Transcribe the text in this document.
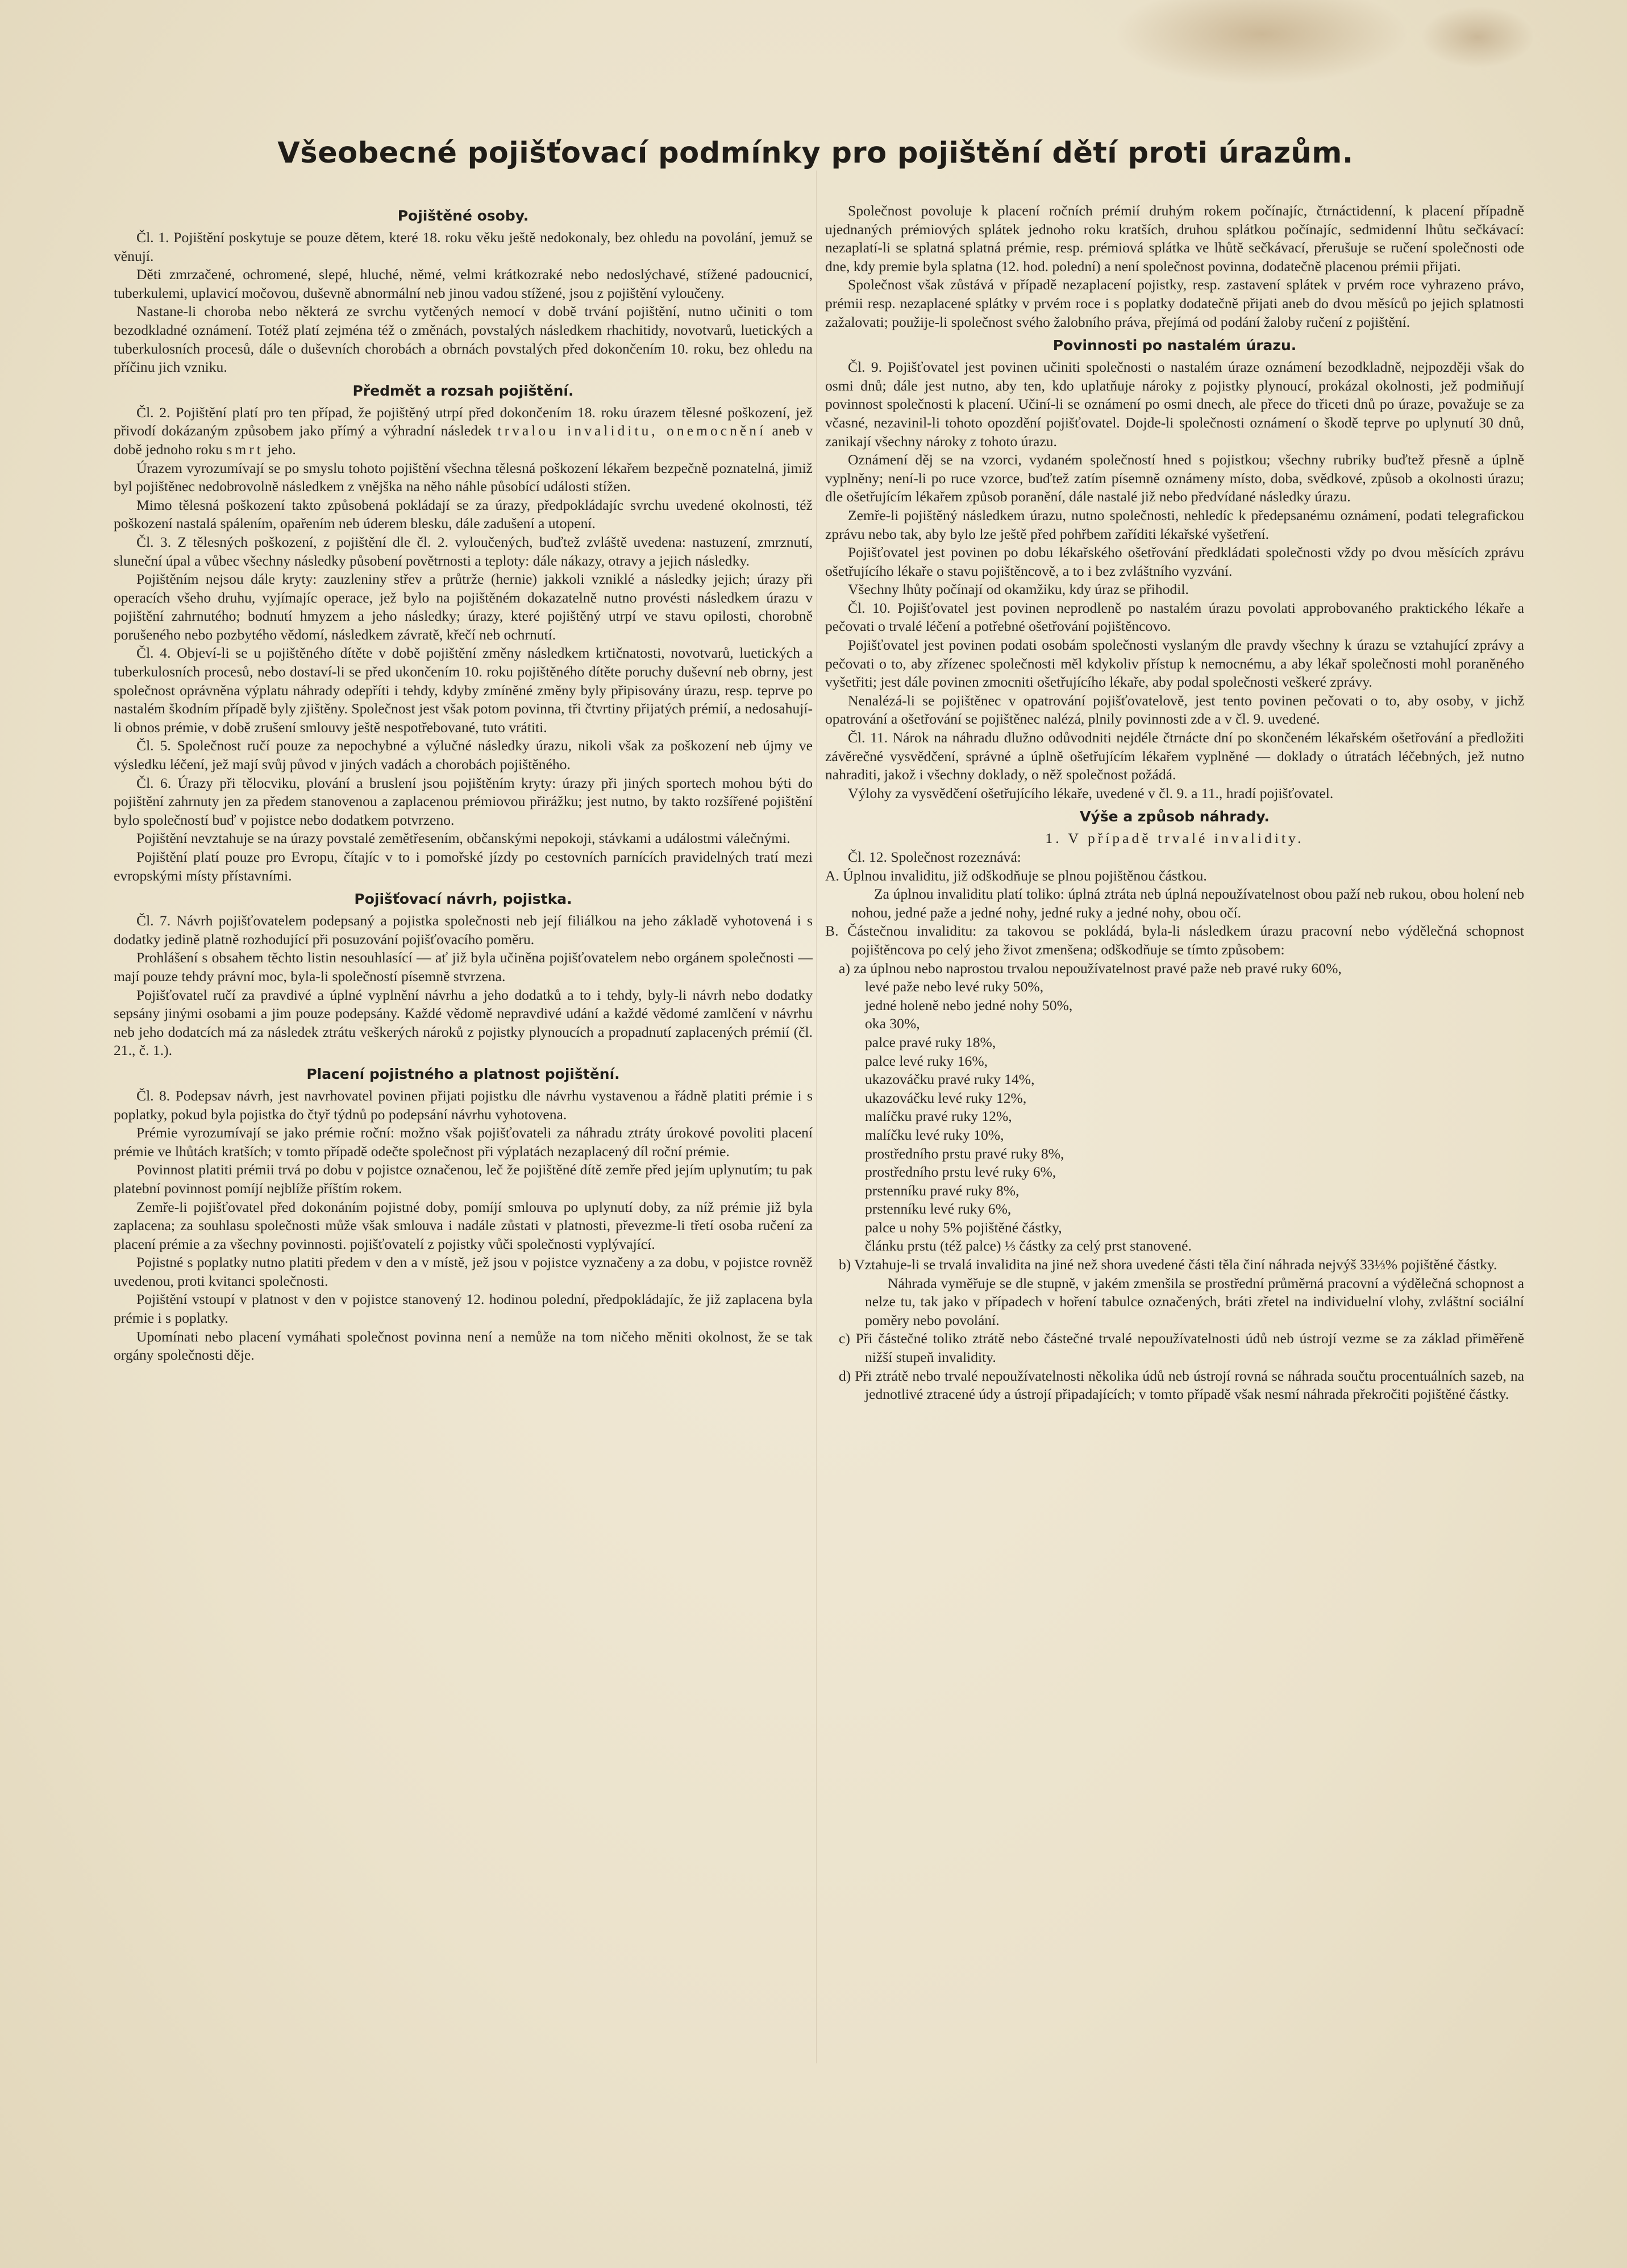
Všeobecné pojišťovací podmínky pro pojištění dětí proti úrazům.
Pojištěné osoby.

Čl. 1. Pojištění poskytuje se pouze dětem, které 18. roku věku ještě nedokonaly, bez ohledu na povolání, jemuž se věnují.

Děti zmrzačené, ochromené, slepé, hluché, němé, velmi krátkozraké nebo nedoslýchavé, stížené padoucnicí, tuberkulemi, uplavicí močovou, duševně abnormální neb jinou vadou stížené, jsou z pojištění vyloučeny.

Nastane-li choroba nebo některá ze svrchu vytčených nemocí v době trvání pojištění, nutno učiniti o tom bezodkladné oznámení. Totéž platí zejména též o změnách, povstalých následkem rhachitidy, novotvarů, luetických a tuberkulosních procesů, dále o duševních chorobách a obrnách povstalých před dokončením 10. roku, bez ohledu na příčinu jich vzniku.

Předmět a rozsah pojištění.

Čl. 2. Pojištění platí pro ten případ, že pojištěný utrpí před dokončením 18. roku úrazem tělesné poškození, jež přivodí dokázaným způsobem jako přímý a výhradní následek trvalou invaliditu, onemocnění aneb v době jednoho roku smrt jeho.

Úrazem vyrozumívají se po smyslu tohoto pojištění všechna tělesná poškození lékařem bezpečně poznatelná, jimiž byl pojištěnec nedobrovolně následkem z vnějška na něho náhle působící události stížen.

Mimo tělesná poškození takto způsobená pokládají se za úrazy, předpokládajíc svrchu uvedené okolnosti, též poškození nastalá spálením, opařením neb úderem blesku, dále zadušení a utopení.

Čl. 3. Z tělesných poškození, z pojištění dle čl. 2. vyloučených, buďtež zvláště uvedena: nastuzení, zmrznutí, sluneční úpal a vůbec všechny následky působení povětrnosti a teploty: dále nákazy, otravy a jejich následky.

Pojištěním nejsou dále kryty: zauzleniny střev a průtrže (hernie) jakkoli vzniklé a následky jejich; úrazy při operacích všeho druhu, vyjímajíc operace, jež bylo na pojištěném dokazatelně nutno provésti následkem úrazu v pojištění zahrnutého; bodnutí hmyzem a jeho následky; úrazy, které pojištěný utrpí ve stavu opilosti, chorobně porušeného nebo pozbytého vědomí, následkem závratě, křečí neb ochrnutí.

Čl. 4. Objeví-li se u pojištěného dítěte v době pojištění změny následkem krtičnatosti, novotvarů, luetických a tuberkulosních procesů, nebo dostaví-li se před ukončením 10. roku pojištěného dítěte poruchy duševní neb obrny, jest společnost oprávněna výplatu náhrady odepříti i tehdy, kdyby zmíněné změny byly připisovány úrazu, resp. teprve po nastalém škodním případě byly zjištěny. Společnost jest však potom povinna, tři čtvrtiny přijatých prémií, a nedosahují-li obnos prémie, v době zrušení smlouvy ještě nespotřebované, tuto vrátiti.

Čl. 5. Společnost ručí pouze za nepochybné a výlučné následky úrazu, nikoli však za poškození neb újmy ve výsledku léčení, jež mají svůj původ v jiných vadách a chorobách pojištěného.

Čl. 6. Úrazy při tělocviku, plování a bruslení jsou pojištěním kryty: úrazy při jiných sportech mohou býti do pojištění zahrnuty jen za předem stanovenou a zaplacenou prémiovou přirážku; jest nutno, by takto rozšířené pojištění bylo společností buď v pojistce nebo dodatkem potvrzeno.

Pojištění nevztahuje se na úrazy povstalé zemětřesením, občanskými nepokoji, stávkami a událostmi válečnými.

Pojištění platí pouze pro Evropu, čítajíc v to i pomořské jízdy po cestovních parnících pravidelných tratí mezi evropskými místy přístavními.

Pojišťovací návrh, pojistka.

Čl. 7. Návrh pojišťovatelem podepsaný a pojistka společnosti neb její filiálkou na jeho základě vyhotovená i s dodatky jedině platně rozhodující při posuzování pojišťovacího poměru.

Prohlášení s obsahem těchto listin nesouhlasící — ať již byla učiněna pojišťovatelem nebo orgánem společnosti — mají pouze tehdy právní moc, byla-li společností písemně stvrzena.

Pojišťovatel ručí za pravdivé a úplné vyplnění návrhu a jeho dodatků a to i tehdy, byly-li návrh nebo dodatky sepsány jinými osobami a jim pouze podepsány. Každé vědomě nepravdivé udání a každé vědomé zamlčení v návrhu neb jeho dodatcích má za následek ztrátu veškerých nároků z pojistky plynoucích a propadnutí zaplacených prémií (čl. 21., č. 1.).

Placení pojistného a platnost pojištění.

Čl. 8. Podepsav návrh, jest navrhovatel povinen přijati pojistku dle návrhu vystavenou a řádně platiti prémie i s poplatky, pokud byla pojistka do čtyř týdnů po podepsání návrhu vyhotovena.

Prémie vyrozumívají se jako prémie roční: možno však pojišťovateli za náhradu ztráty úrokové povoliti placení prémie ve lhůtách kratších; v tomto případě odečte společnost při výplatách nezaplacený díl roční prémie.

Povinnost platiti prémii trvá po dobu v pojistce označenou, leč že pojištěné dítě zemře před jejím uplynutím; tu pak platební povinnost pomíjí nejblíže příštím rokem.

Zemře-li pojišťovatel před dokonáním pojistné doby, pomíjí smlouva po uplynutí doby, za níž prémie již byla zaplacena; za souhlasu společnosti může však smlouva i nadále zůstati v platnosti, převezme-li třetí osoba ručení za placení prémie a za všechny povinnosti. pojišťovatelí z pojistky vůči společnosti vyplývající.

Pojistné s poplatky nutno platiti předem v den a v místě, jež jsou v pojistce vyznačeny a za dobu, v pojistce rovněž uvedenou, proti kvitanci společnosti.

Pojištění vstoupí v platnost v den v pojistce stanovený 12. hodinou polední, předpokládajíc, že již zaplacena byla prémie i s poplatky.

Upomínati nebo placení vymáhati společnost povinna není a nemůže na tom ničeho měniti okolnost, že se tak orgány společnosti děje.

Společnost povoluje k placení ročních prémií druhým rokem počínajíc, čtrnáctidenní, k placení případně ujednaných prémiových splátek jednoho roku kratších, druhou splátkou počínajíc, sedmidenní lhůtu sečkávací: nezaplatí-li se splatná splatná prémie, resp. prémiová splátka ve lhůtě sečkávací, přerušuje se ručení společnosti ode dne, kdy premie byla splatna (12. hod. polední) a není společnost povinna, dodatečně placenou prémii přijati.

Společnost však zůstává v případě nezaplacení pojistky, resp. zastavení splátek v prvém roce vyhrazeno právo, prémii resp. nezaplacené splátky v prvém roce i s poplatky dodatečně přijati aneb do dvou měsíců po jejich splatnosti zažalovati; použije-li společnost svého žalobního práva, přejímá od podání žaloby ručení z pojištění.

Povinnosti po nastalém úrazu.

Čl. 9. Pojišťovatel jest povinen učiniti společnosti o nastalém úraze oznámení bezodkladně, nejpozději však do osmi dnů; dále jest nutno, aby ten, kdo uplatňuje nároky z pojistky plynoucí, prokázal okolnosti, jež podmiňují povinnost společnosti k placení. Učiní-li se oznámení po osmi dnech, ale přece do třiceti dnů po úraze, považuje se za včasné, nezavinil-li tohoto opozdění pojišťovatel. Dojde-li společnosti oznámení o škodě teprve po uplynutí 30 dnů, zanikají všechny nároky z tohoto úrazu.

Oznámení děj se na vzorci, vydaném společností hned s pojistkou; všechny rubriky buďtež přesně a úplně vyplněny; není-li po ruce vzorce, buďtež zatím písemně oznámeny místo, doba, svědkové, způsob a okolnosti úrazu; dle ošetřujícím lékařem způsob poranění, dále nastalé již nebo předvídané následky úrazu.

Zemře-li pojištěný následkem úrazu, nutno společnosti, nehledíc k předepsanému oznámení, podati telegrafickou zprávu nebo tak, aby bylo lze ještě před pohřbem zaříditi lékařské vyšetření.

Pojišťovatel jest povinen po dobu lékařského ošetřování předkládati společnosti vždy po dvou měsících zprávu ošetřujícího lékaře o stavu pojištěncově, a to i bez zvláštního vyzvání.

Všechny lhůty počínají od okamžiku, kdy úraz se přihodil.

Čl. 10. Pojišťovatel jest povinen neprodleně po nastalém úrazu povolati approbovaného praktického lékaře a pečovati o trvalé léčení a potřebné ošetřování pojištěncovo.

Pojišťovatel jest povinen podati osobám společnosti vyslaným dle pravdy všechny k úrazu se vztahující zprávy a pečovati o to, aby zřízenec společnosti měl kdykoliv přístup k nemocnému, a aby lékař společnosti mohl poraněného vyšetřiti; jest dále povinen zmocniti ošetřujícího lékaře, aby podal společnosti veškeré zprávy.

Nenalézá-li se pojištěnec v opatrování pojišťovatelově, jest tento povinen pečovati o to, aby osoby, v jichž opatrování a ošetřování se pojištěnec nalézá, plnily povinnosti zde a v čl. 9. uvedené.

Čl. 11. Nárok na náhradu dlužno odůvodniti nejdéle čtrnácte dní po skončeném lékařském ošetřování a předložiti závěrečné vysvědčení, správné a úplně ošetřujícím lékařem vyplněné — doklady o útratách léčebných, jež nutno nahraditi, jakož i všechny doklady, o něž společnost požádá.

Výlohy za vysvědčení ošetřujícího lékaře, uvedené v čl. 9. a 11., hradí pojišťovatel.

Výše a způsob náhrady.

1. V případě trvalé invalidity.

Čl. 12. Společnost rozeznává:

A. Úplnou invaliditu, již odškodňuje se plnou pojištěnou částkou.

Za úplnou invaliditu platí toliko: úplná ztráta neb úplná nepoužívatelnost obou paží neb rukou, obou holení neb nohou, jedné paže a jedné nohy, jedné ruky a jedné nohy, obou očí.

B. Částečnou invaliditu: za takovou se pokládá, byla-li následkem úrazu pracovní nebo výdělečná schopnost pojištěncova po celý jeho život zmenšena; odškodňuje se tímto způsobem:

a) za úplnou nebo naprostou trvalou nepoužívatelnost pravé paže neb pravé ruky 60%,

levé paže nebo levé ruky 50%,

jedné holeně nebo jedné nohy 50%,

oka 30%,

palce pravé ruky 18%,

palce levé ruky 16%,

ukazováčku pravé ruky 14%,

ukazováčku levé ruky 12%,

malíčku pravé ruky 12%,

malíčku levé ruky 10%,

prostředního prstu pravé ruky 8%,

prostředního prstu levé ruky 6%,

prstenníku pravé ruky 8%,

prstenníku levé ruky 6%,

palce u nohy 5% pojištěné částky,

článku prstu (též palce) ⅓ částky za celý prst stanovené.

b) Vztahuje-li se trvalá invalidita na jiné než shora uvedené části těla činí náhrada nejvýš 33⅓% pojištěné částky.

Náhrada vyměřuje se dle stupně, v jakém zmenšila se prostřední průměrná pracovní a výdělečná schopnost a nelze tu, tak jako v případech v hoření tabulce označených, bráti zřetel na individuelní vlohy, zvláštní sociální poměry nebo povolání.

c) Při částečné toliko ztrátě nebo částečné trvalé nepoužívatelnosti údů neb ústrojí vezme se za základ přiměřeně nižší stupeň invalidity.

d) Při ztrátě nebo trvalé nepoužívatelnosti několika údů neb ústrojí rovná se náhrada součtu procentuálních sazeb, na jednotlivé ztracené údy a ústrojí připadajících; v tomto případě však nesmí náhrada překročiti pojištěné částky.
